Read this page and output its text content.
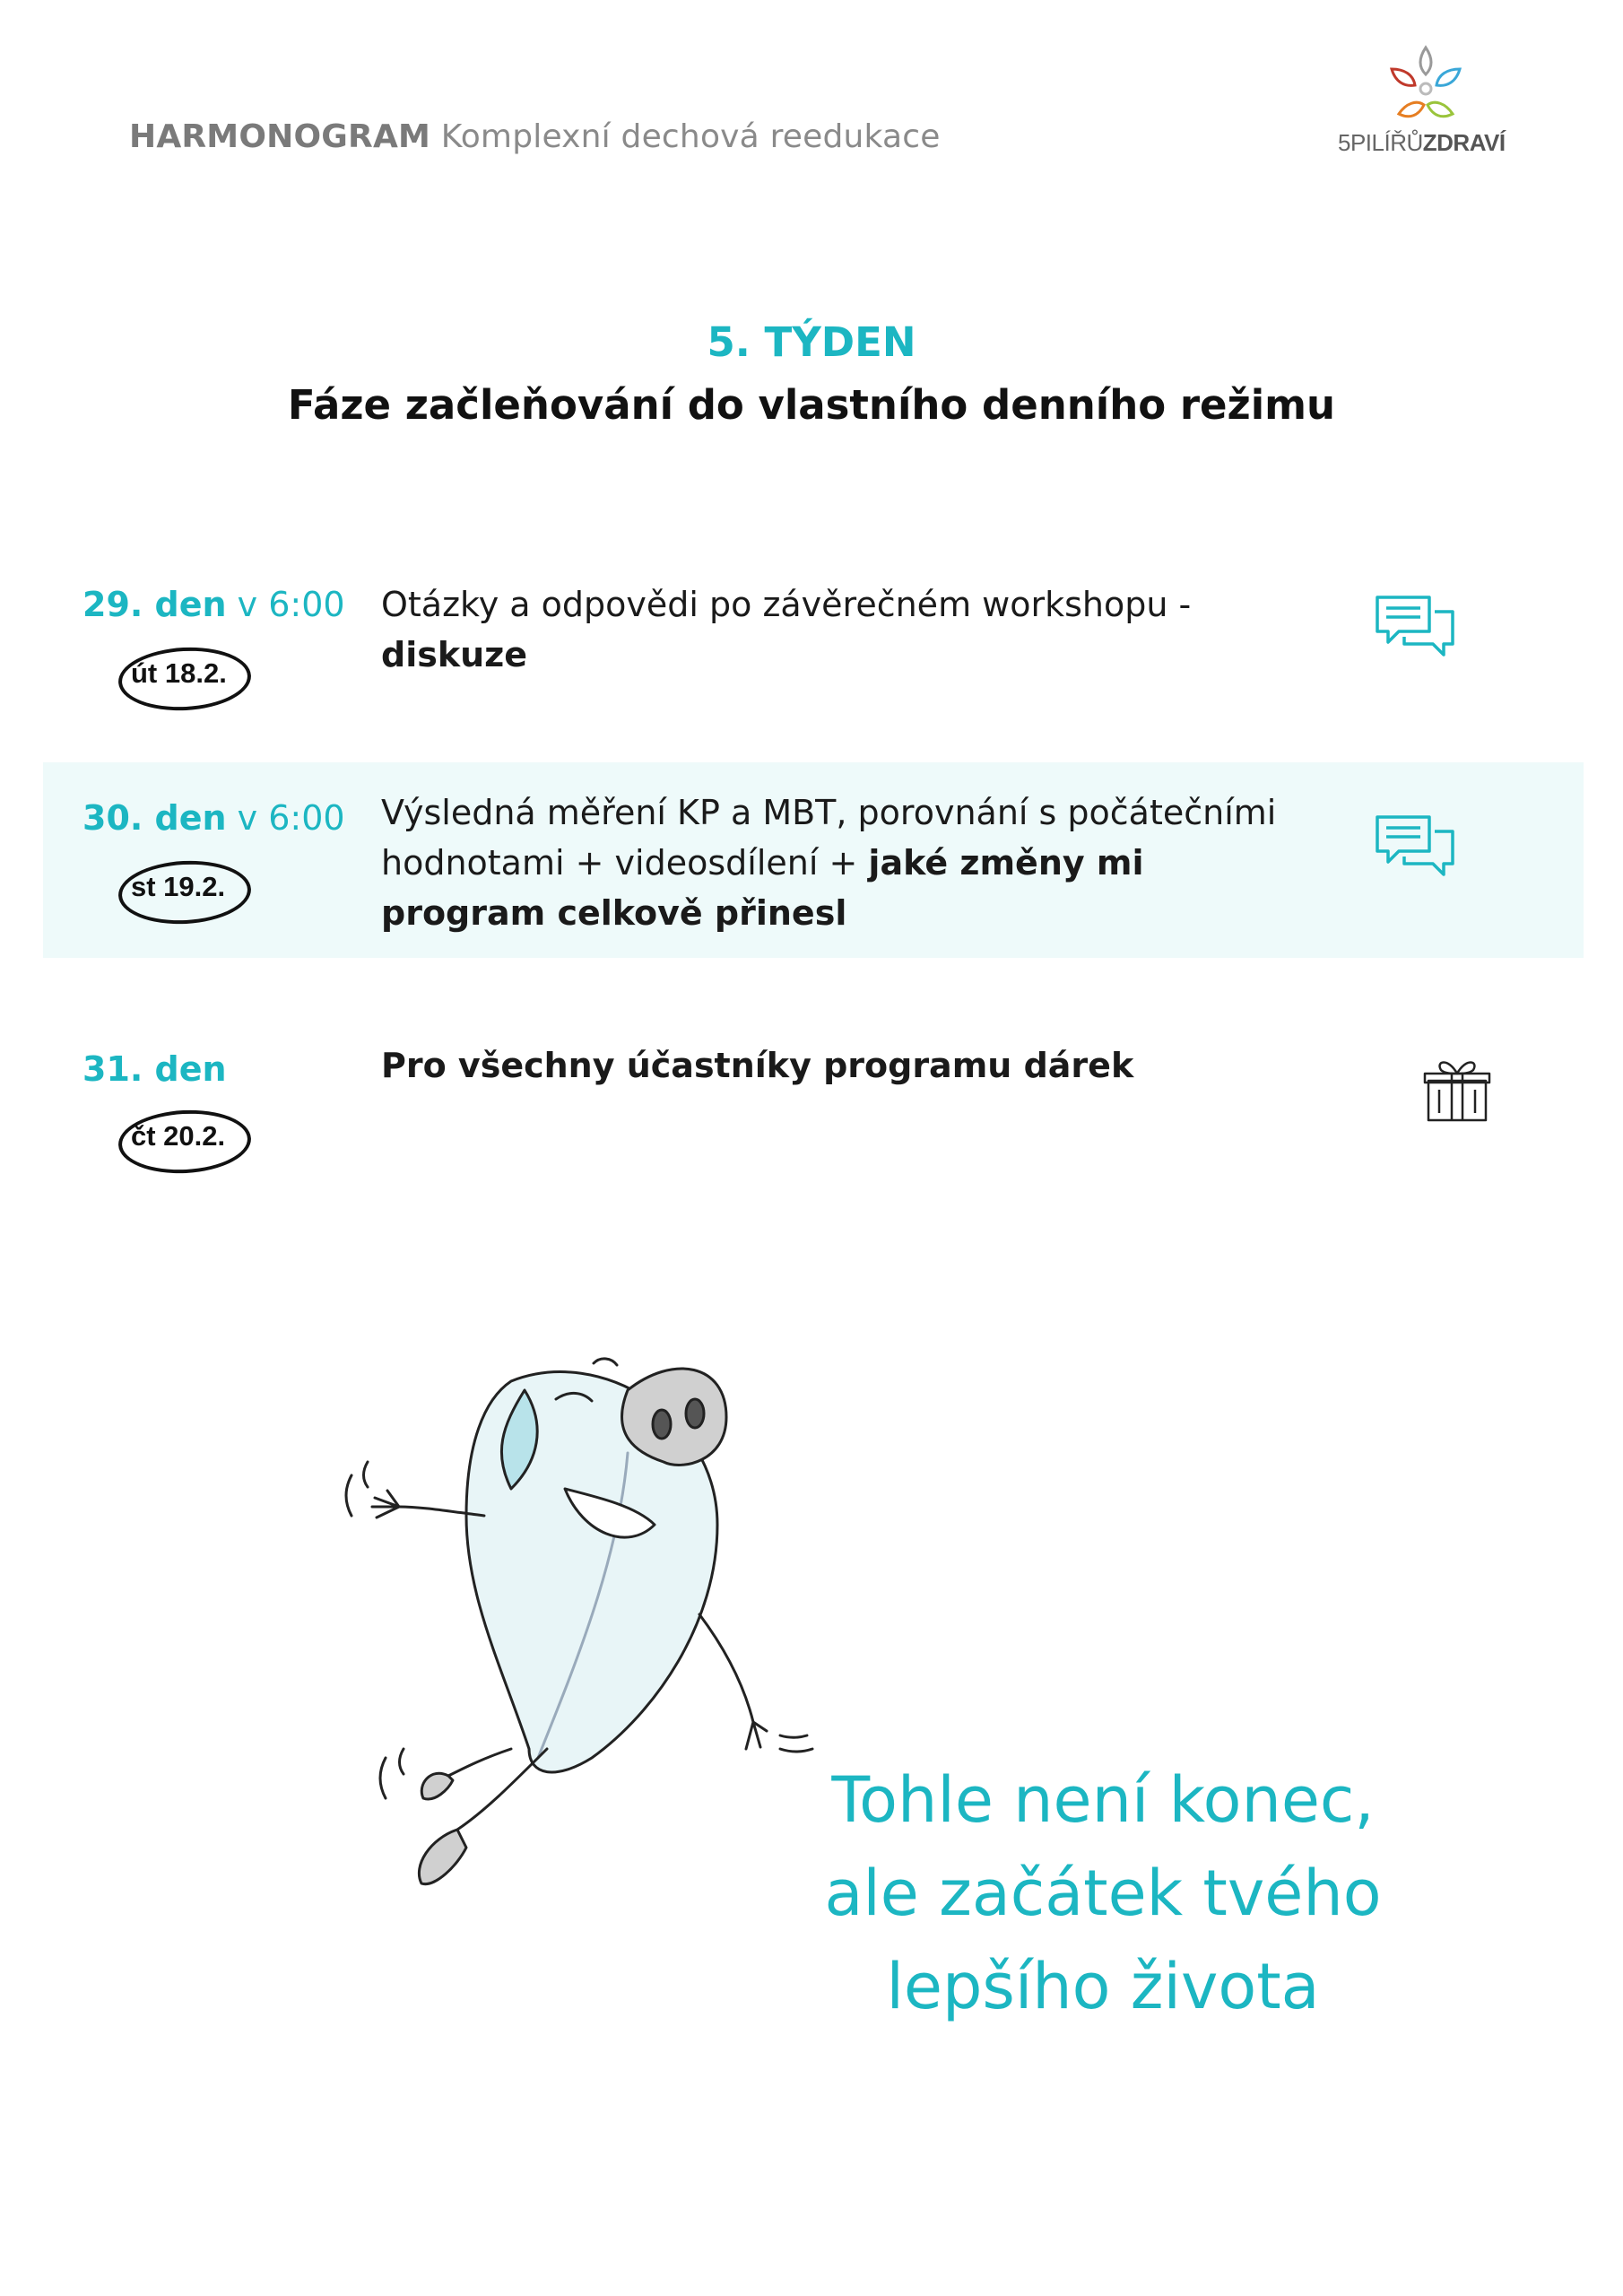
HARMONOGRAM Komplexní dechová reedukace	5PILÍŘŮZDRAVÍ
5. TÝDEN
Fáze začleňování do vlastního denního režimu
29. den v 6:00
út 18.2.
Otázky a odpovědi po závěrečném workshopu -
diskuze
30. den v 6:00
st 19.2.
Výsledná měření KP a MBT, porovnání s počátečními hodnotami + videosdílení + jaké změny mi program celkově přinesl
31. den
čt 20.2.
Pro všechny účastníky programu dárek
Tohle není konec,
ale začátek tvého
lepšího života
